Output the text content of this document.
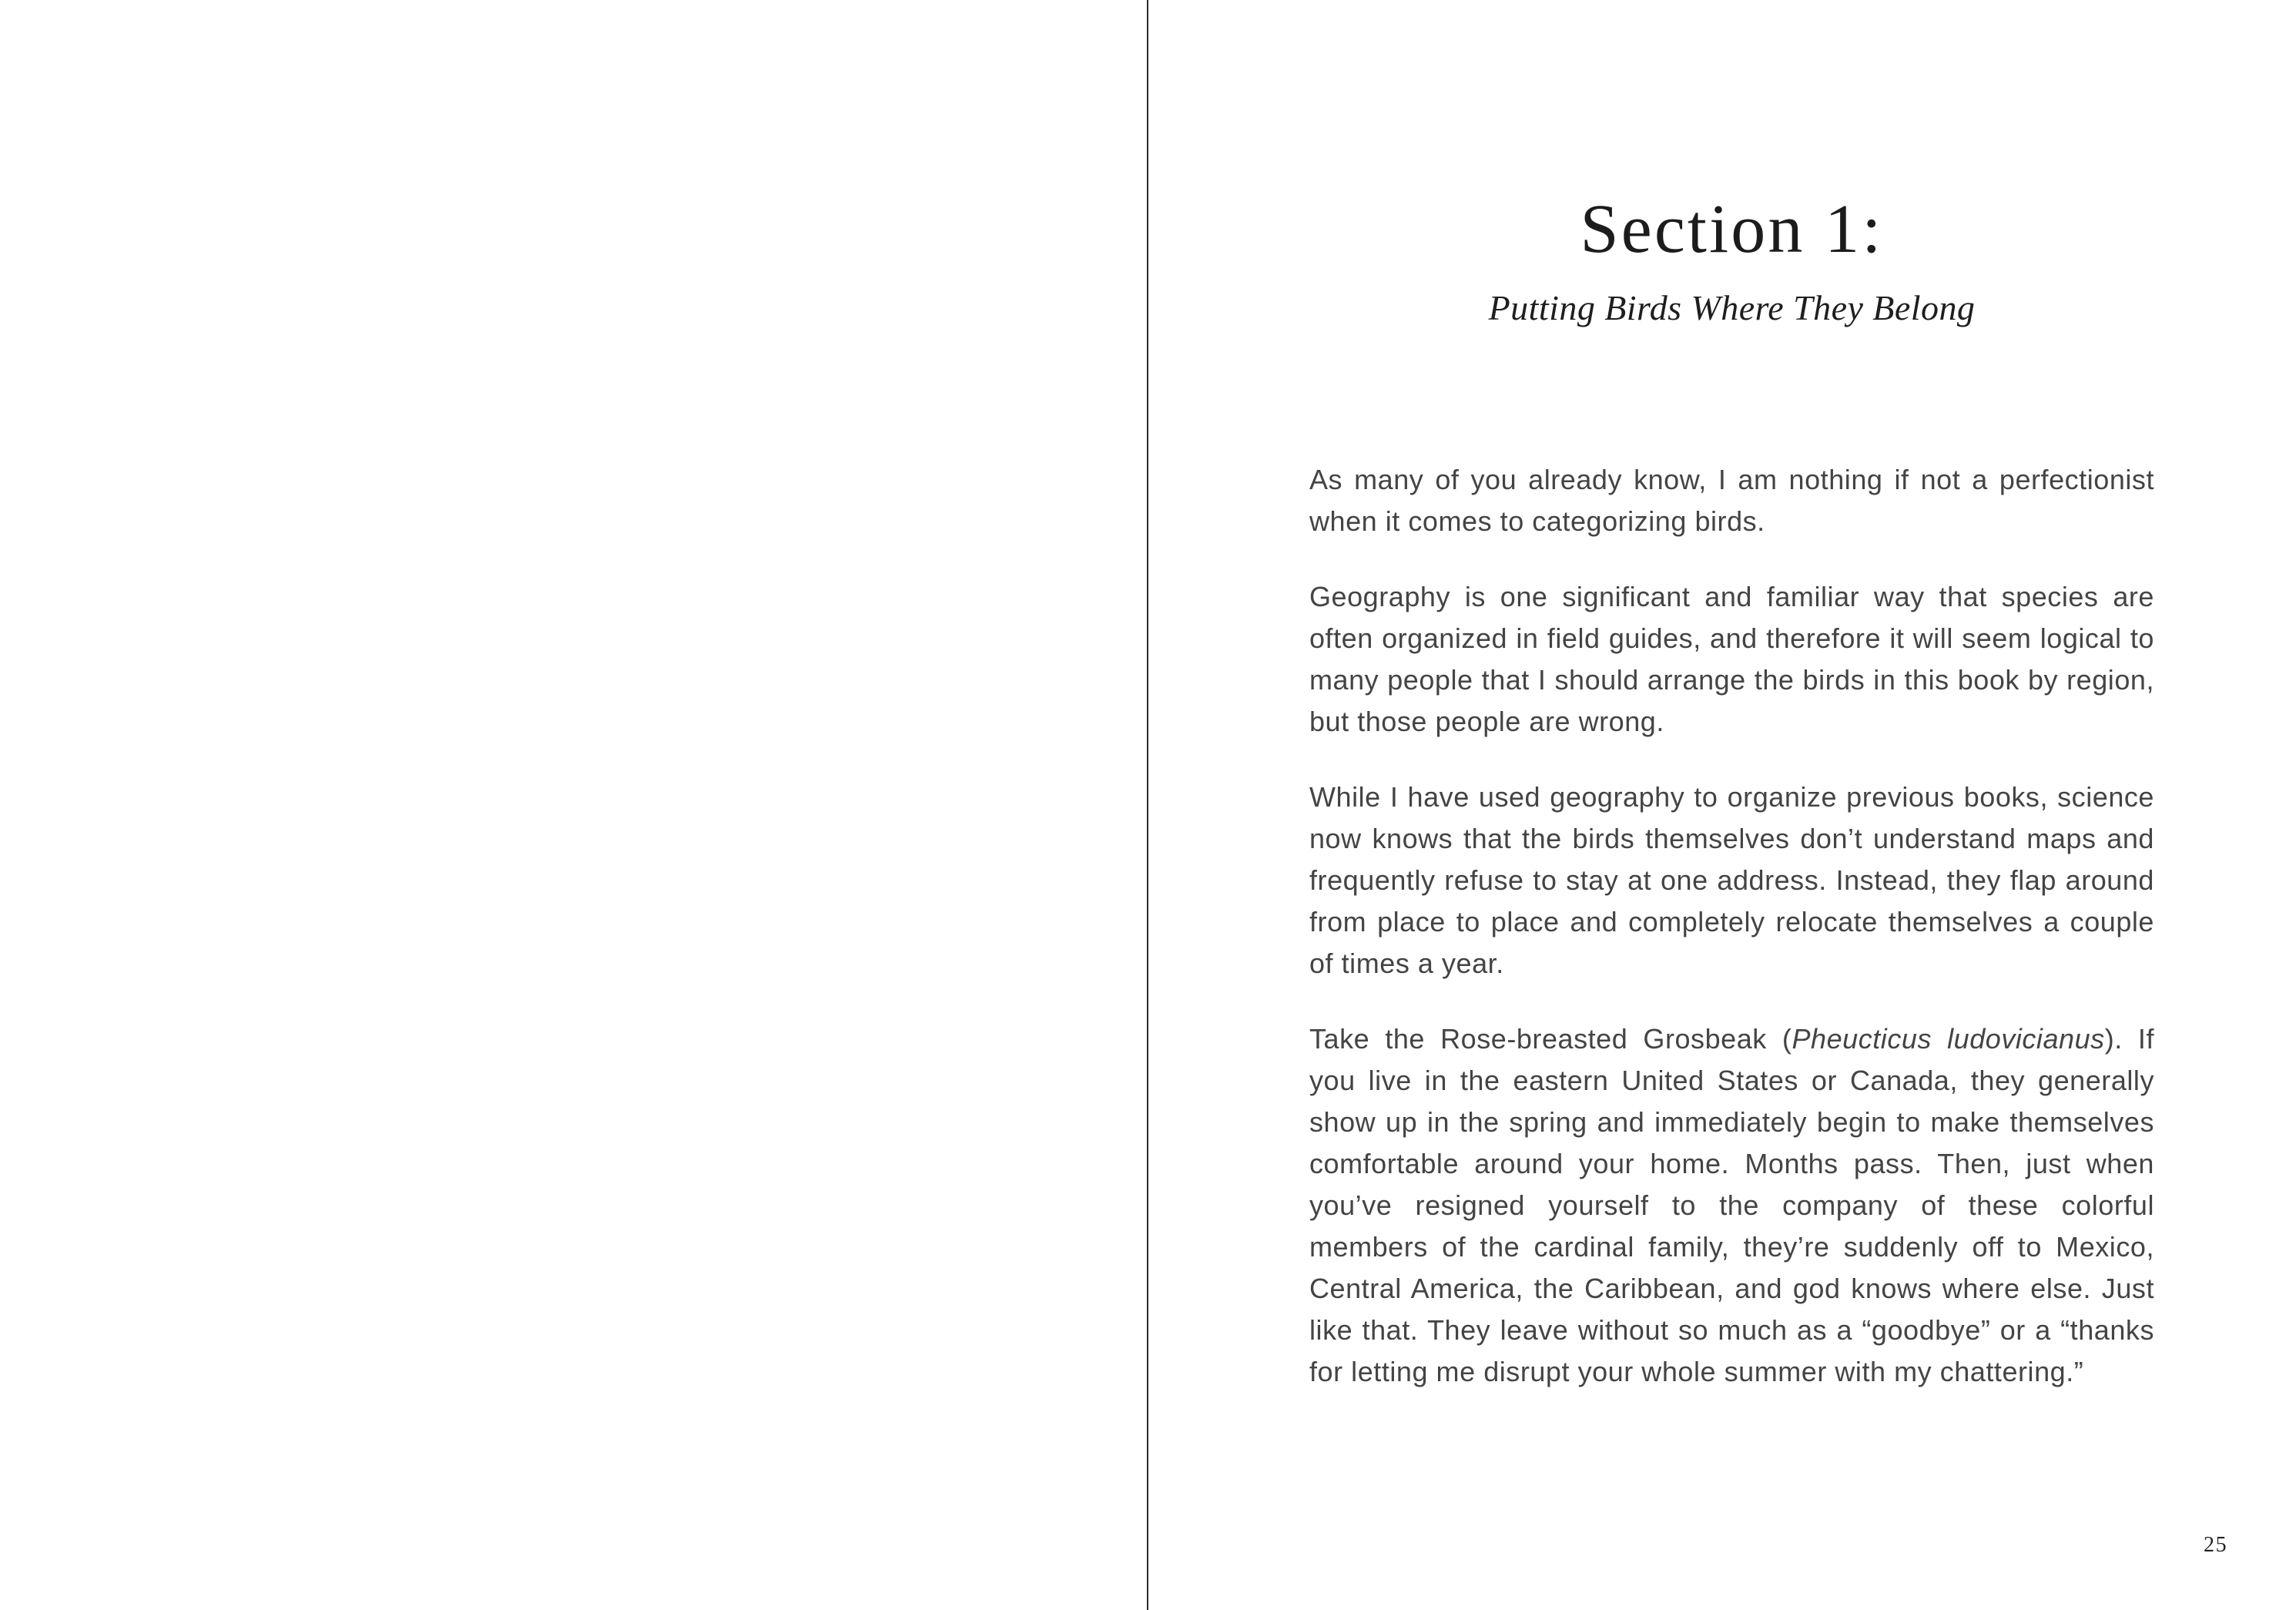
Section 1:
Putting Birds Where They Belong

As many of you already know, I am nothing if not a perfectionist when it comes to categorizing birds.

Geography is one significant and familiar way that species are often organized in field guides, and therefore it will seem logical to many people that I should arrange the birds in this book by region, but those people are wrong.

While I have used geography to organize previous books, science now knows that the birds themselves don’t understand maps and frequently refuse to stay at one address. Instead, they flap around from place to place and completely relocate themselves a couple of times a year.

Take the Rose-breasted Grosbeak (Pheucticus ludovicianus). If you live in the eastern United States or Canada, they generally show up in the spring and immediately begin to make themselves comfortable around your home. Months pass. Then, just when you’ve resigned yourself to the company of these colorful members of the cardinal family, they’re suddenly off to Mexico, Central America, the Caribbean, and god knows where else. Just like that. They leave without so much as a “goodbye” or a “thanks for letting me disrupt your whole summer with my chattering.”

25
